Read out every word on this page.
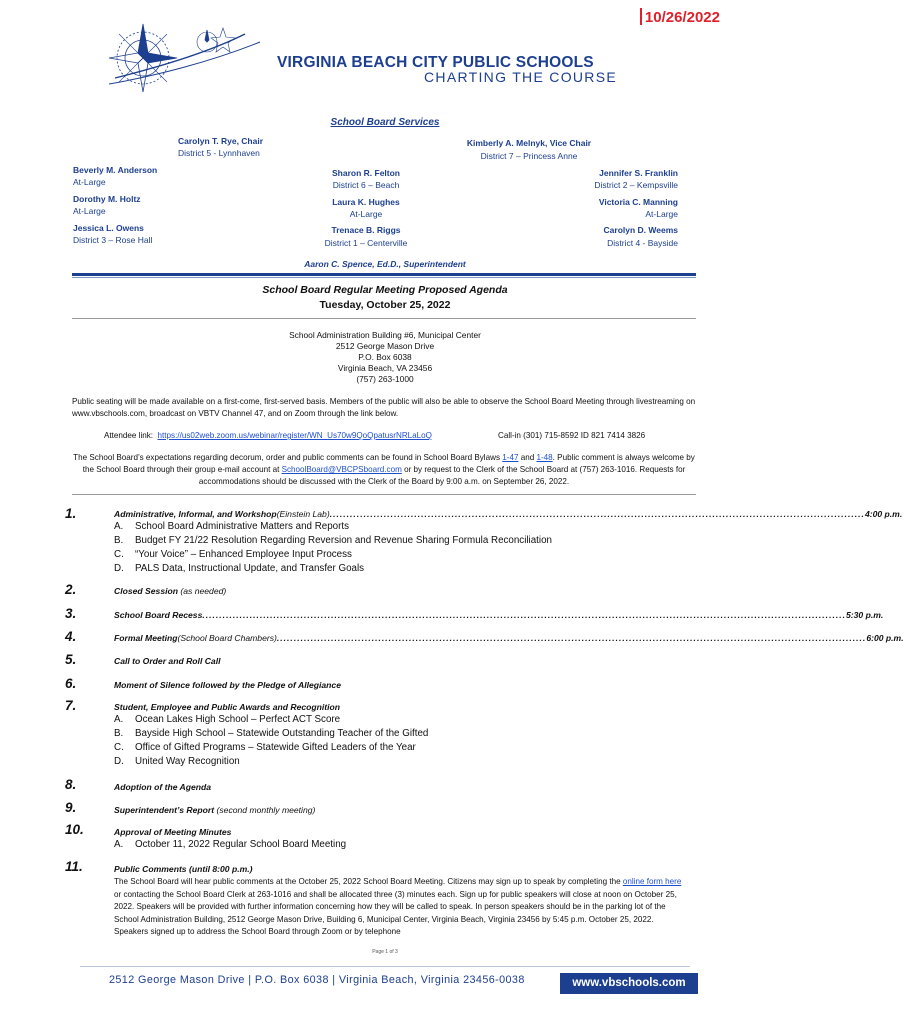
10/26/2022
VIRGINIA BEACH CITY PUBLIC SCHOOLS
CHARTING THE COURSE
School Board Services
Carolyn T. Rye, Chair
District 5 - Lynnhaven
Kimberly A. Melnyk, Vice Chair
District 7 – Princess Anne
Beverly M. Anderson
At-Large
Dorothy M. Holtz
At-Large
Jessica L. Owens
District 3 – Rose Hall
Sharon R. Felton
District 6 – Beach
Laura K. Hughes
At-Large
Trenace B. Riggs
District 1 – Centerville
Jennifer S. Franklin
District 2 – Kempsville
Victoria C. Manning
At-Large
Carolyn D. Weems
District 4 - Bayside
Aaron C. Spence, Ed.D., Superintendent
School Board Regular Meeting Proposed Agenda
Tuesday, October 25, 2022
School Administration Building #6, Municipal Center
2512 George Mason Drive
P.O. Box 6038
Virginia Beach, VA 23456
(757) 263-1000
Public seating will be made available on a first-come, first-served basis. Members of the public will also be able to observe the School Board Meeting through livestreaming on www.vbschools.com, broadcast on VBTV Channel 47, and on Zoom through the link below.
Attendee link: https://us02web.zoom.us/webinar/register/WN_Us70w9QoQpatusrNRLaLoQ	Call-in (301) 715-8592 ID 821 7414 3826
The School Board’s expectations regarding decorum, order and public comments can be found in School Board Bylaws 1-47 and 1-48. Public comment is always welcome by the School Board through their group e-mail account at SchoolBoard@VBCPSboard.com or by request to the Clerk of the School Board at (757) 263-1016. Requests for accommodations should be discussed with the Clerk of the Board by 9:00 a.m. on September 26, 2022.
1.	Administrative, Informal, and Workshop (Einstein Lab) .............................................................................................................................................................. 4:00 p.m.
A. School Board Administrative Matters and Reports
B. Budget FY 21/22 Resolution Regarding Reversion and Revenue Sharing Formula Reconciliation
C. “Your Voice” – Enhanced Employee Input Process
D. PALS Data, Instructional Update, and Transfer Goals
2.	Closed Session (as needed)
3.	School Board Recess .............................................................................................................................................................................................. 5:30 p.m.
4.	Formal Meeting (School Board Chambers) .............................................................................................................................................................................. 6:00 p.m.
5.	Call to Order and Roll Call
6.	Moment of Silence followed by the Pledge of Allegiance
7.	Student, Employee and Public Awards and Recognition
A. Ocean Lakes High School – Perfect ACT Score
B. Bayside High School – Statewide Outstanding Teacher of the Gifted
C. Office of Gifted Programs – Statewide Gifted Leaders of the Year
D. United Way Recognition
8.	Adoption of the Agenda
9.	Superintendent’s Report (second monthly meeting)
10.	Approval of Meeting Minutes
A. October 11, 2022 Regular School Board Meeting
11.	Public Comments (until 8:00 p.m.)
The School Board will hear public comments at the October 25, 2022 School Board Meeting. Citizens may sign up to speak by completing the online form here or contacting the School Board Clerk at 263-1016 and shall be allocated three (3) minutes each. Sign up for public speakers will close at noon on October 25, 2022. Speakers will be provided with further information concerning how they will be called to speak. In person speakers should be in the parking lot of the School Administration Building, 2512 George Mason Drive, Building 6, Municipal Center, Virginia Beach, Virginia 23456 by 5:45 p.m. October 25, 2022. Speakers signed up to address the School Board through Zoom or by telephone
Page 1 of 3
2512 George Mason Drive | P.O. Box 6038 | Virginia Beach, Virginia 23456-0038	www.vbschools.com
